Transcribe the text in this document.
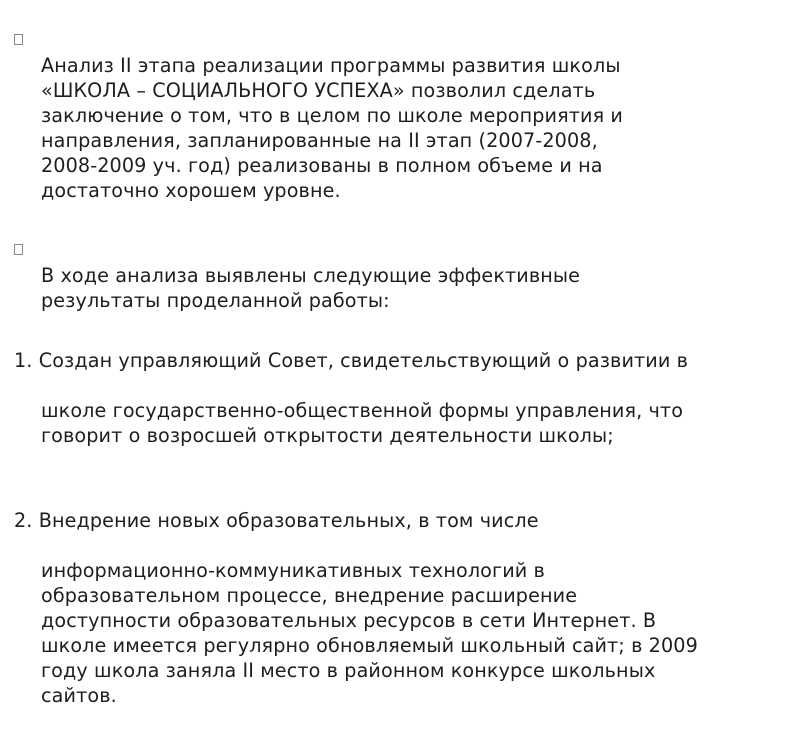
Анализ II этапа реализации программы развития школы
«ШКОЛА – СОЦИАЛЬНОГО УСПЕХА» позволил сделать
заключение о том, что в целом по школе мероприятия и
направления, запланированные на II этап (2007-2008,
2008-2009 уч. год) реализованы в полном объеме и на
достаточно хорошем уровне.

В ходе анализа выявлены следующие эффективные
результаты проделанной работы:

1. Создан управляющий Совет, свидетельствующий о развитии в

школе государственно-общественной формы управления, что
говорит о возросшей открытости деятельности школы;

2. Внедрение новых образовательных, в том числе

информационно-коммуникативных технологий в
образовательном процессе, внедрение расширение
доступности образовательных ресурсов в сети Интернет. В
школе имеется регулярно обновляемый школьный сайт; в 2009
году школа заняла II место в районном конкурсе школьных
сайтов.
